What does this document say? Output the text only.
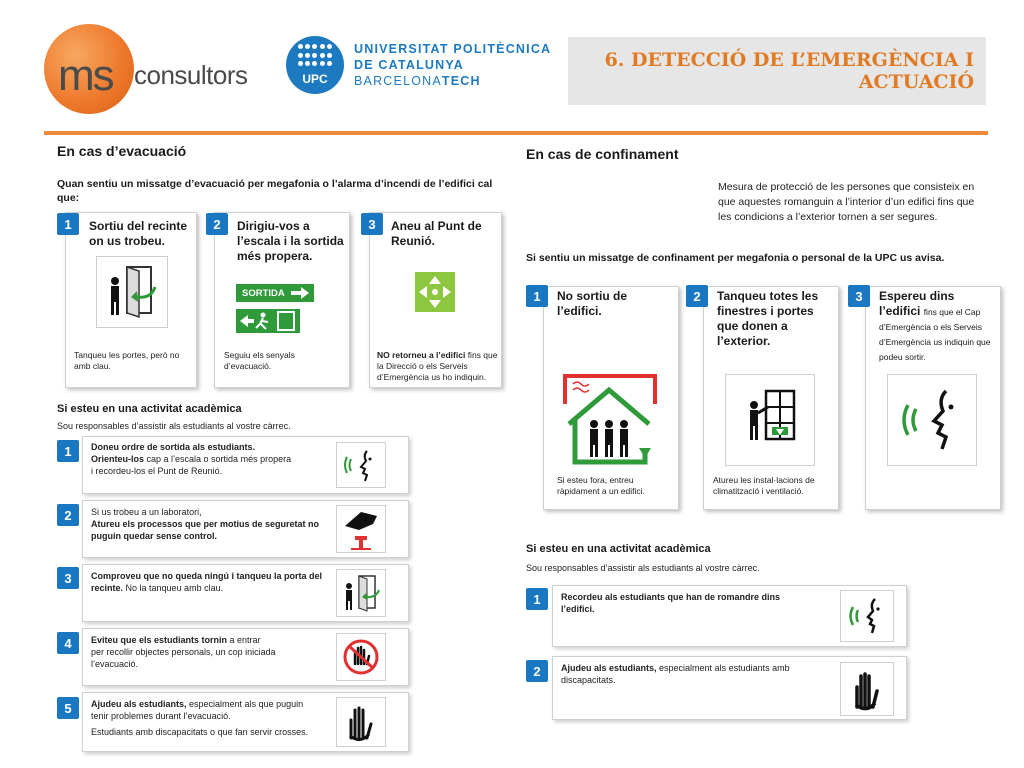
ms consultors	UPC
UNIVERSITAT POLITÈCNICA
DE CATALUNYA
BARCELONATECH
6. DETECCIÓ DE L’EMERGÈNCIA I
ACTUACIÓ
En cas d’evacuació
Quan sentiu un missatge d’evacuació per megafonia o l’alarma d’incendi de l’edifici cal que:
1	Sortiu del recinte on us trobeu.
Tanqueu les portes, però no amb clau.
2	Dirigiu-vos a l’escala i la sortida més propera.
SORTIDA
Seguiu els senyals d’evacuació.
3	Aneu al Punt de Reunió.
NO retorneu a l’edifici fins que la Direcció o els Serveis d’Emergència us ho indiquin.
Si esteu en una activitat acadèmica
Sou responsables d’assistir als estudiants al vostre càrrec.
1	Doneu ordre de sortida als estudiants.
Orienteu-los cap a l’escala o sortida més propera
i recordeu-los el Punt de Reunió.
2	Si us trobeu a un laboratori,
Atureu els processos que per motius de seguretat no puguin quedar sense control.
3	Comproveu que no queda ningú i tanqueu la porta del recinte. No la tanqueu amb clau.
4	Eviteu que els estudiants tornin a entrar
per recollir objectes personals, un cop iniciada
l’evacuació.
5	Ajudeu als estudiants, especialment als que puguin
tenir problemes durant l’evacuació.
Estudiants amb discapacitats o que fan servir crosses.
En cas de confinament
Mesura de protecció de les persones que consisteix en que aquestes romanguin a l’interior d’un edifici fins que les condicions a l’exterior tornen a ser segures.
Si sentiu un missatge de confinament per megafonia o personal de la UPC us avisa.
1	No sortiu de l’edifici.
Si esteu fora, entreu ràpidament a un edifici.
2	Tanqueu totes les finestres i portes que donen a l’exterior.
Atureu les instal·lacions de climatització i ventilació.
3	Espereu dins l’edifici fins que el Cap d’Emergència o els Serveis d’Emergència us indiquin que podeu sortir.
Si esteu en una activitat acadèmica
Sou responsables d’assistir als estudiants al vostre càrrec.
1	Recordeu als estudiants que han de romandre dins l’edifici.
2	Ajudeu als estudiants, especialment als estudiants amb
discapacitats.
